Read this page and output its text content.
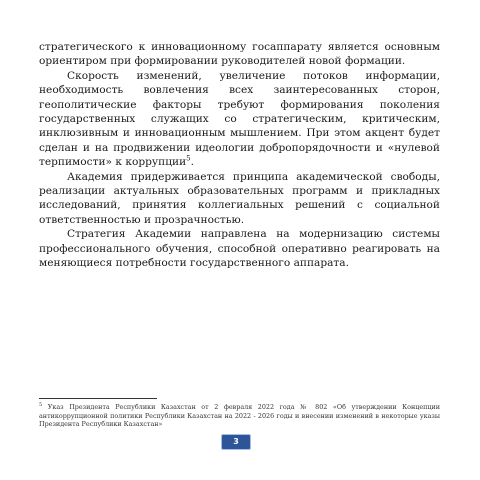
стратегического к инновационному госаппарату является основным ориентиром при формировании руководителей новой формации.

Скорость изменений, увеличение потоков информации, необходимость вовлечения всех заинтересованных сторон, геополитические факторы требуют формирования поколения государственных служащих со стратегическим, критическим, инклюзивным и инновационным мышлением. При этом акцент будет сделан и на продвижении идеологии добропорядочности и «нулевой терпимости» к коррупции$^5$.

Академия придерживается принципа академической свободы, реализации актуальных образовательных программ и прикладных исследований, принятия коллегиальных решений с социальной ответственностью и прозрачностью.

Стратегия Академии направлена на модернизацию системы профессионального обучения, способной оперативно реагировать на меняющиеся потребности государственного аппарата.

$^5$ Указ Президента Республики Казахстан от 2 февраля 2022 года № 802 «Об утверждении Концепции антикоррупционной политики Республики Казахстан на 2022 - 2026 годы и внесении изменений в некоторые указы Президента Республики Казахстан»
3
